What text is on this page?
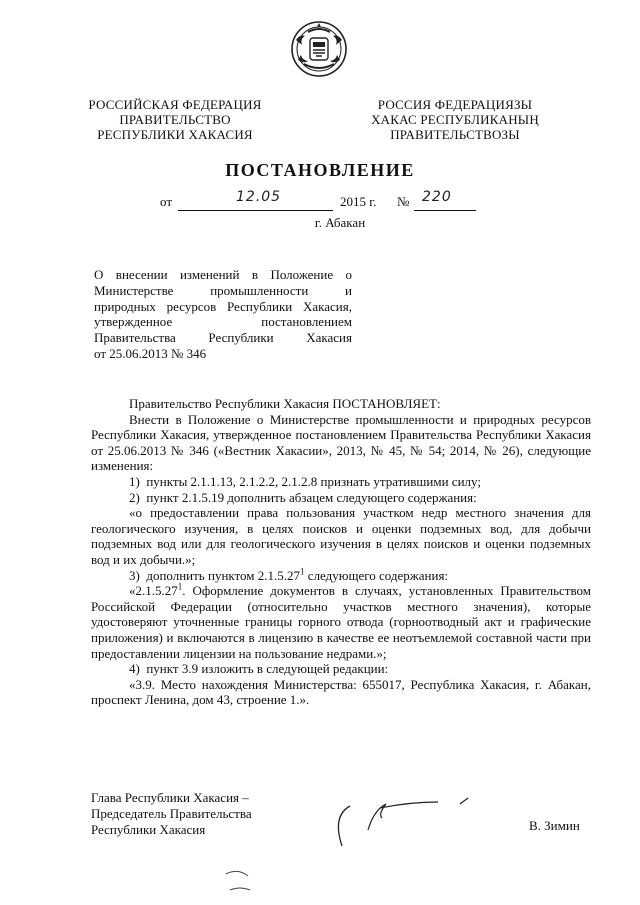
РОССИЙСКАЯ ФЕДЕРАЦИЯ
ПРАВИТЕЛЬСТВО
РЕСПУБЛИКИ ХАКАСИЯ
РОССИЯ ФЕДЕРАЦИЯЗЫ
ХАКАС РЕСПУБЛИКАНЫҢ
ПРАВИТЕЛЬСТВОЗЫ
ПОСТАНОВЛЕНИЕ
от	12.05	2015 г. № 220
г. Абакан
О внесении изменений в Положение о
Министерстве промышленности и
природных ресурсов Республики Хакасия,
утвержденное постановлением
Правительства Республики Хакасия
от 25.06.2013 № 346

Правительство Республики Хакасия ПОСТАНОВЛЯЕТ:

Внести в Положение о Министерстве промышленности и природных ресурсов Республики Хакасия, утвержденное постановлением Правительства Республики Хакасия от 25.06.2013 № 346 («Вестник Хакасии», 2013, № 45, № 54; 2014, № 26), следующие изменения:

1) пункты 2.1.1.13, 2.1.2.2, 2.1.2.8 признать утратившими силу;

2) пункт 2.1.5.19 дополнить абзацем следующего содержания:

«о предоставлении права пользования участком недр местного значения для геологического изучения, в целях поисков и оценки подземных вод, для добычи подземных вод или для геологического изучения в целях поисков и оценки подземных вод и их добычи.»;

3) дополнить пунктом 2.1.5.27$^1$ следующего содержания:

«2.1.5.27$^1$. Оформление документов в случаях, установленных Правительством Российской Федерации (относительно участков местного значения), которые удостоверяют уточненные границы горного отвода (горноотводный акт и графические приложения) и включаются в лицензию в качестве ее неотъемлемой составной части при предоставлении лицензии на пользование недрами.»;

4) пункт 3.9 изложить в следующей редакции:

«3.9. Место нахождения Министерства: 655017, Республика Хакасия, г. Абакан, проспект Ленина, дом 43, строение 1.».

Глава Республики Хакасия –
Председатель Правительства
Республики Хакасия	В. Зимин
